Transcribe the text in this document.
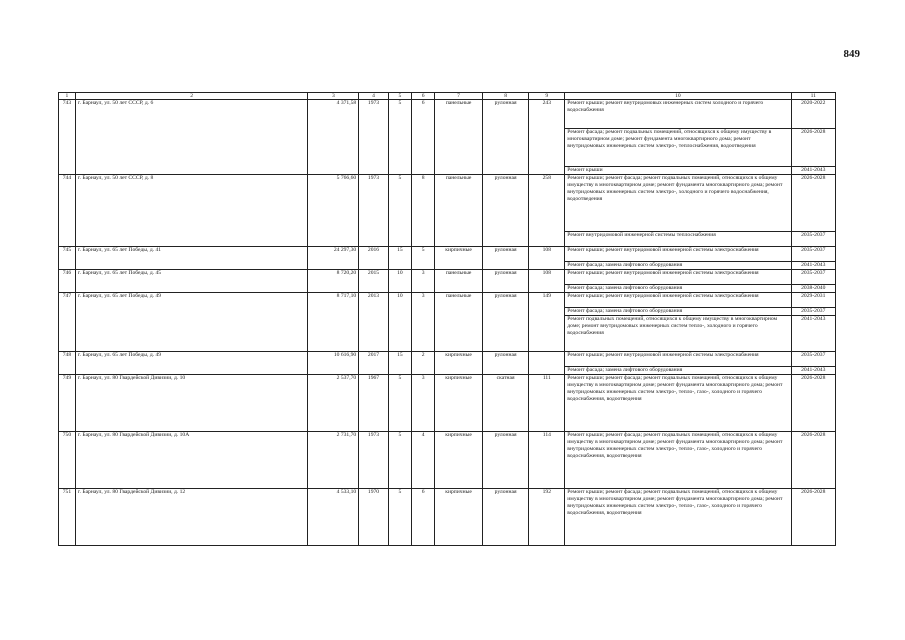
849
1	2	3	4	5	6	7	8	9	10	11
743	г. Барнаул, ул. 50 лет СССР, д. 6	4 371,58	1973	5	6	панельные	рулонная	243	Ремонт крыши; ремонт внутридомовых инженерных систем холодного и горячего водоснабжения	2020-2022
									Ремонт фасада; ремонт подвальных помещений, относящихся к общему имуществу в многоквартирном доме; ремонт фундамента многоквартирного дома; ремонт внутридомовых инженерных систем электро-, теплоснабжения, водоотведения	2026-2028
									Ремонт крыши	2041-2043
744	г. Барнаул, ул. 50 лет СССР, д. 8	5 766,60	1973	5	8	панельные	рулонная	258	Ремонт крыши; ремонт фасада; ремонт подвальных помещений, относящихся к общему имуществу в многоквартирном доме; ремонт фундамента многоквартирного дома; ремонт внутридомовых инженерных систем электро-, холодного и горячего водоснабжения, водоотведения	2026-2028
									Ремонт внутридомовой инженерной системы теплоснабжения	2035-2037
745	г. Барнаул, ул. 65 лет Победы, д. 41	24 297,30	2016	15	5	кирпичные	рулонная	108	Ремонт крыши; ремонт внутридомовой инженерной системы электроснабжения	2035-2037
									Ремонт фасада; замена лифтового оборудования	2041-2043
746	г. Барнаул, ул. 65 лет Победы, д. 45	8 720,20	2015	10	3	панельные	рулонная	108	Ремонт крыши; ремонт внутридомовой инженерной системы электроснабжения	2035-2037
									Ремонт фасада; замена лифтового оборудования	2038-2040
747	г. Барнаул, ул. 65 лет Победы, д. 49	8 717,10	2013	10	3	панельные	рулонная	149	Ремонт крыши; ремонт внутридомовой инженерной системы электроснабжения	2029-2031
									Ремонт фасада; замена лифтового оборудования	2035-2037
									Ремонт подвальных помещений, относящихся к общему имуществу в многоквартирном доме; ремонт внутридомовых инженерных систем тепло-, холодного и горячего водоснабжения	2041-2043
748	г. Барнаул, ул. 65 лет Победы, д. 49	10 616,90	2017	15	2	кирпичные	рулонная		Ремонт крыши; ремонт внутридомовой инженерной системы электроснабжения	2035-2037
									Ремонт фасада; замена лифтового оборудования	2041-2043
749	г. Барнаул, ул. 80 Гвардейской Дивизии, д. 10	2 537,70	1967	5	3	кирпичные	скатная	111	Ремонт крыши; ремонт фасада; ремонт подвальных помещений, относящихся к общему имуществу в многоквартирном доме; ремонт фундамента многоквартирного дома; ремонт внутридомовых инженерных систем электро-, тепло-, газо-, холодного и горячего водоснабжения, водоотведения	2026-2028
750	г. Барнаул, ул. 80 Гвардейской Дивизии, д. 10А	2 731,70	1973	5	4	кирпичные	рулонная	114	Ремонт крыши; ремонт фасада; ремонт подвальных помещений, относящихся к общему имуществу в многоквартирном доме; ремонт фундамента многоквартирного дома; ремонт внутридомовых инженерных систем электро-, тепло-, газо-, холодного и горячего водоснабжения, водоотведения	2026-2028
751	г. Барнаул, ул. 80 Гвардейской Дивизии, д. 12	4 533,10	1970	5	6	кирпичные	рулонная	192	Ремонт крыши; ремонт фасада; ремонт подвальных помещений, относящихся к общему имуществу в многоквартирном доме; ремонт фундамента многоквартирного дома; ремонт внутридомовых инженерных систем электро-, тепло-, газо-, холодного и горячего водоснабжения, водоотведения	2026-2028
